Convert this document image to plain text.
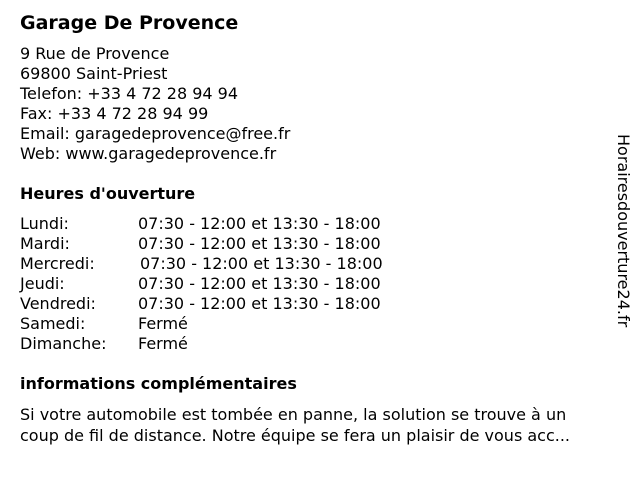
Garage De Provence
9 Rue de Provence
69800 Saint-Priest
Telefon: +33 4 72 28 94 94
Fax: +33 4 72 28 94 99
Email: garagedeprovence@free.fr
Web: www.garagedeprovence.fr
Heures d'ouverture
Lundi:	07:30 - 12:00 et 13:30 - 18:00
Mardi:	07:30 - 12:00 et 13:30 - 18:00
Mercredi:	07:30 - 12:00 et 13:30 - 18:00
Jeudi:	07:30 - 12:00 et 13:30 - 18:00
Vendredi:	07:30 - 12:00 et 13:30 - 18:00
Samedi:	Fermé
Dimanche: Fermé
informations complémentaires
Si votre automobile est tombée en panne, la solution se trouve à un
coup de fil de distance. Notre équipe se fera un plaisir de vous acc...
Horairesdouverture24.fr
